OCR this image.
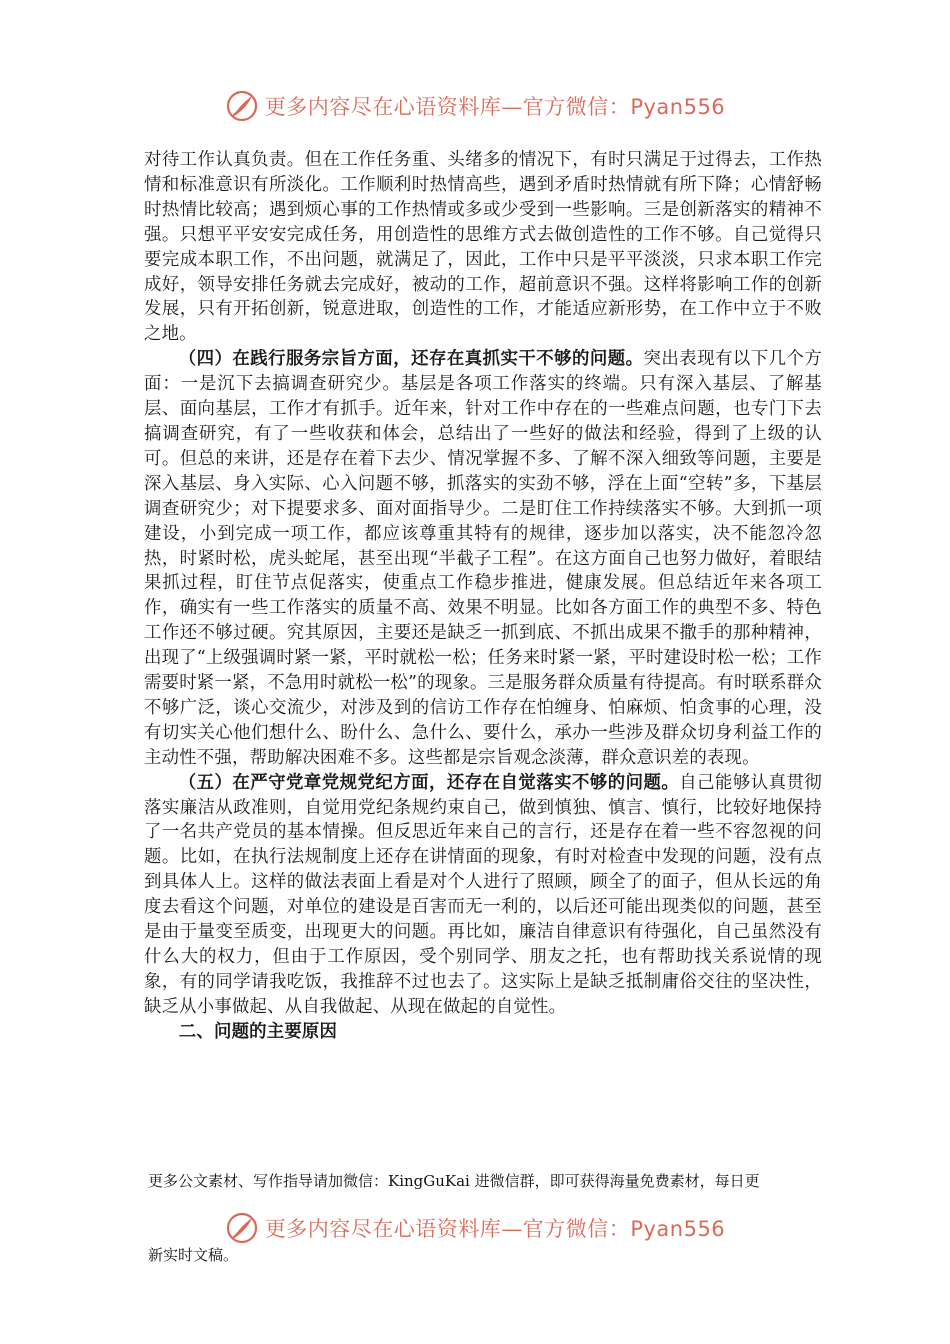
更多内容尽在心语资料库—官方微信：Pyan556

对待工作认真负责。但在工作任务重、头绪多的情况下，有时只满足于过得去，工作热情和标准意识有所淡化。工作顺利时热情高些，遇到矛盾时热情就有所下降；心情舒畅时热情比较高；遇到烦心事的工作热情或多或少受到一些影响。三是创新落实的精神不强。只想平平安安完成任务，用创造性的思维方式去做创造性的工作不够。自己觉得只要完成本职工作，不出问题，就满足了，因此，工作中只是平平淡淡，只求本职工作完成好，领导安排任务就去完成好，被动的工作，超前意识不强。这样将影响工作的创新发展，只有开拓创新，锐意进取，创造性的工作，才能适应新形势，在工作中立于不败之地。

（四）在践行服务宗旨方面，还存在真抓实干不够的问题。突出表现有以下几个方面：一是沉下去搞调查研究少。基层是各项工作落实的终端。只有深入基层、了解基层、面向基层，工作才有抓手。近年来，针对工作中存在的一些难点问题，也专门下去搞调查研究，有了一些收获和体会，总结出了一些好的做法和经验，得到了上级的认可。但总的来讲，还是存在着下去少、情况掌握不多、了解不深入细致等问题，主要是深入基层、身入实际、心入问题不够，抓落实的实劲不够，浮在上面“空转”多，下基层调查研究少；对下提要求多、面对面指导少。二是盯住工作持续落实不够。大到抓一项建设，小到完成一项工作，都应该尊重其特有的规律，逐步加以落实，决不能忽冷忽热，时紧时松，虎头蛇尾，甚至出现“半截子工程”。在这方面自己也努力做好，着眼结果抓过程，盯住节点促落实，使重点工作稳步推进，健康发展。但总结近年来各项工作，确实有一些工作落实的质量不高、效果不明显。比如各方面工作的典型不多、特色工作还不够过硬。究其原因，主要还是缺乏一抓到底、不抓出成果不撒手的那种精神，出现了“上级强调时紧一紧，平时就松一松；任务来时紧一紧，平时建设时松一松；工作需要时紧一紧，不急用时就松一松”的现象。三是服务群众质量有待提高。有时联系群众不够广泛，谈心交流少，对涉及到的信访工作存在怕缠身、怕麻烦、怕贪事的心理，没有切实关心他们想什么、盼什么、急什么、要什么，承办一些涉及群众切身利益工作的主动性不强，帮助解决困难不多。这些都是宗旨观念淡薄，群众意识差的表现。

（五）在严守党章党规党纪方面，还存在自觉落实不够的问题。自己能够认真贯彻落实廉洁从政准则，自觉用党纪条规约束自己，做到慎独、慎言、慎行，比较好地保持了一名共产党员的基本情操。但反思近年来自己的言行，还是存在着一些不容忽视的问题。比如，在执行法规制度上还存在讲情面的现象，有时对检查中发现的问题，没有点到具体人上。这样的做法表面上看是对个人进行了照顾，顾全了的面子，但从长远的角度去看这个问题，对单位的建设是百害而无一利的，以后还可能出现类似的问题，甚至是由于量变至质变，出现更大的问题。再比如，廉洁自律意识有待强化，自己虽然没有什么大的权力，但由于工作原因，受个别同学、朋友之托，也有帮助找关系说情的现象，有的同学请我吃饭，我推辞不过也去了。这实际上是缺乏抵制庸俗交往的坚决性，缺乏从小事做起、从自我做起、从现在做起的自觉性。

二、问题的主要原因

更多公文素材、写作指导请加微信：KingGuKai 进微信群，即可获得海量免费素材，每日更
更多内容尽在心语资料库—官方微信：Pyan556
新实时文稿。
